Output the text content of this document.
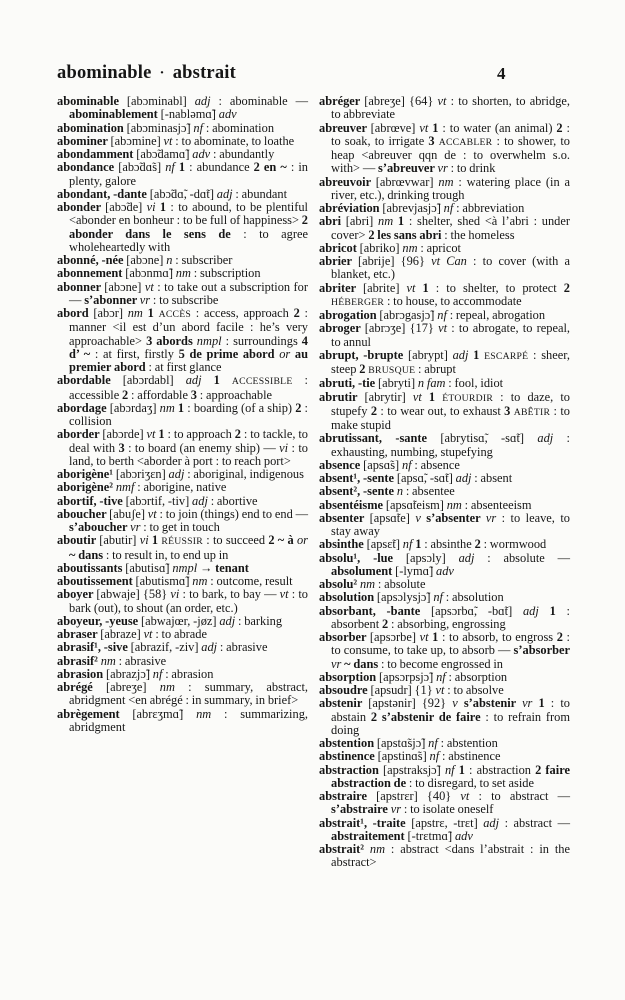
abominable · abstrait	4
abominable [abɔminabl] adj : abominable — abominablement [-nabləmɑ̃] adv
abomination [abɔminasjɔ̃] nf : abomination
abominer [abɔmine] vt : to abominate, to loathe
abondamment [abɔ̃damɑ̃] adv : abundantly
abondance [abɔ̃dɑ̃s] nf 1 : abundance 2 en ~ : in plenty, galore
abondant, -dante [abɔ̃dɑ̃, -dɑ̃t] adj : abundant
abonder [abɔ̃de] vi 1 : to abound, to be plentiful <abonder en bonheur : to be full of happiness> 2 abonder dans le sens de : to agree wholeheartedly with
abonné, -née [abɔne] n : subscriber
abonnement [abɔnmɑ̃] nm : subscription
abonner [abɔne] vt : to take out a subscription for — s’abonner vr : to subscribe
abord [abɔr] nm 1 ACCÈS : access, approach 2 : manner <il est d’un abord facile : he’s very approachable> 3 abords nmpl : surroundings 4 d’ ~ : at first, firstly 5 de prime abord or au premier abord : at first glance
abordable [abɔrdabl] adj 1 ACCESSIBLE : accessible 2 : affordable 3 : approachable
abordage [abɔrdaʒ] nm 1 : boarding (of a ship) 2 : collision
aborder [abɔrde] vt 1 : to approach 2 : to tackle, to deal with 3 : to board (an enemy ship) — vi : to land, to berth <aborder à port : to reach port>
aborigène¹ [abɔriʒɛn] adj : aboriginal, indigenous
aborigène² nmf : aborigine, native
abortif, -tive [abɔrtif, -tiv] adj : abortive
aboucher [abuʃe] vt : to join (things) end to end — s’aboucher vr : to get in touch
aboutir [abutir] vi 1 RÉUSSIR : to succeed 2 ~ à or ~ dans : to result in, to end up in
aboutissants [abutisɑ̃] nmpl → tenant
aboutissement [abutismɑ̃] nm : outcome, result
aboyer [abwaje] {58} vi : to bark, to bay — vt : to bark (out), to shout (an order, etc.)
aboyeur, -yeuse [abwajœr, -jøz] adj : barking
abraser [abraze] vt : to abrade
abrasif¹, -sive [abrazif, -ziv] adj : abrasive
abrasif² nm : abrasive
abrasion [abrazjɔ̃] nf : abrasion
abrégé [abreʒe] nm : summary, abstract, abridgment <en abrégé : in summary, in brief>
abrègement [abrɛʒmɑ̃] nm : summarizing, abridgment
abréger [abreʒe] {64} vt : to shorten, to abridge, to abbreviate
abreuver [abrœve] vt 1 : to water (an animal) 2 : to soak, to irrigate 3 ACCABLER : to shower, to heap <abreuver qqn de : to overwhelm s.o. with> — s’abreuver vr : to drink
abreuvoir [abrœvwar] nm : watering place (in a river, etc.), drinking trough
abréviation [abrevjasjɔ̃] nf : abbreviation
abri [abri] nm 1 : shelter, shed <à l’abri : under cover> 2 les sans abri : the homeless
abricot [abriko] nm : apricot
abrier [abrije] {96} vt Can : to cover (with a blanket, etc.)
abriter [abrite] vt 1 : to shelter, to protect 2 HÉBERGER : to house, to accommodate
abrogation [abrɔgasjɔ̃] nf : repeal, abrogation
abroger [abrɔʒe] {17} vt : to abrogate, to repeal, to annul
abrupt, -brupte [abrypt] adj 1 ESCARPÉ : sheer, steep 2 BRUSQUE : abrupt
abruti, -tie [abryti] n fam : fool, idiot
abrutir [abrytir] vt 1 ÉTOURDIR : to daze, to stupefy 2 : to wear out, to exhaust 3 ABÊTIR : to make stupid
abrutissant, -sante [abrytisɑ̃, -sɑ̃t] adj : exhausting, numbing, stupefying
absence [apsɑ̃s] nf : absence
absent¹, -sente [apsɑ̃, -sɑ̃t] adj : absent
absent², -sente n : absentee
absentéisme [apsɑ̃teism] nm : absenteeism
absenter [apsɑ̃te] v s’absenter vr : to leave, to stay away
absinthe [apsɛ̃t] nf 1 : absinthe 2 : wormwood
absolu¹, -lue [apsɔly] adj : absolute — absolument [-lymɑ̃] adv
absolu² nm : absolute
absolution [apsɔlysjɔ̃] nf : absolution
absorbant, -bante [apsɔrbɑ̃, -bɑ̃t] adj 1 : absorbent 2 : absorbing, engrossing
absorber [apsɔrbe] vt 1 : to absorb, to engross 2 : to consume, to take up, to absorb — s’absorber vr ~ dans : to become engrossed in
absorption [apsɔrpsjɔ̃] nf : absorption
absoudre [apsudr] {1} vt : to absolve
abstenir [apstənir] {92} v s’abstenir vr 1 : to abstain 2 s’abstenir de faire : to refrain from doing
abstention [apstɑ̃sjɔ̃] nf : abstention
abstinence [apstinɑ̃s] nf : abstinence
abstraction [apstraksjɔ̃] nf 1 : abstraction 2 faire abstraction de : to disregard, to set aside
abstraire [apstrɛr] {40} vt : to abstract — s’abstraire vr : to isolate oneself
abstrait¹, -traite [apstrɛ, -trɛt] adj : abstract — abstraitement [-trɛtmɑ̃] adv
abstrait² nm : abstract <dans l’abstrait : in the abstract>
